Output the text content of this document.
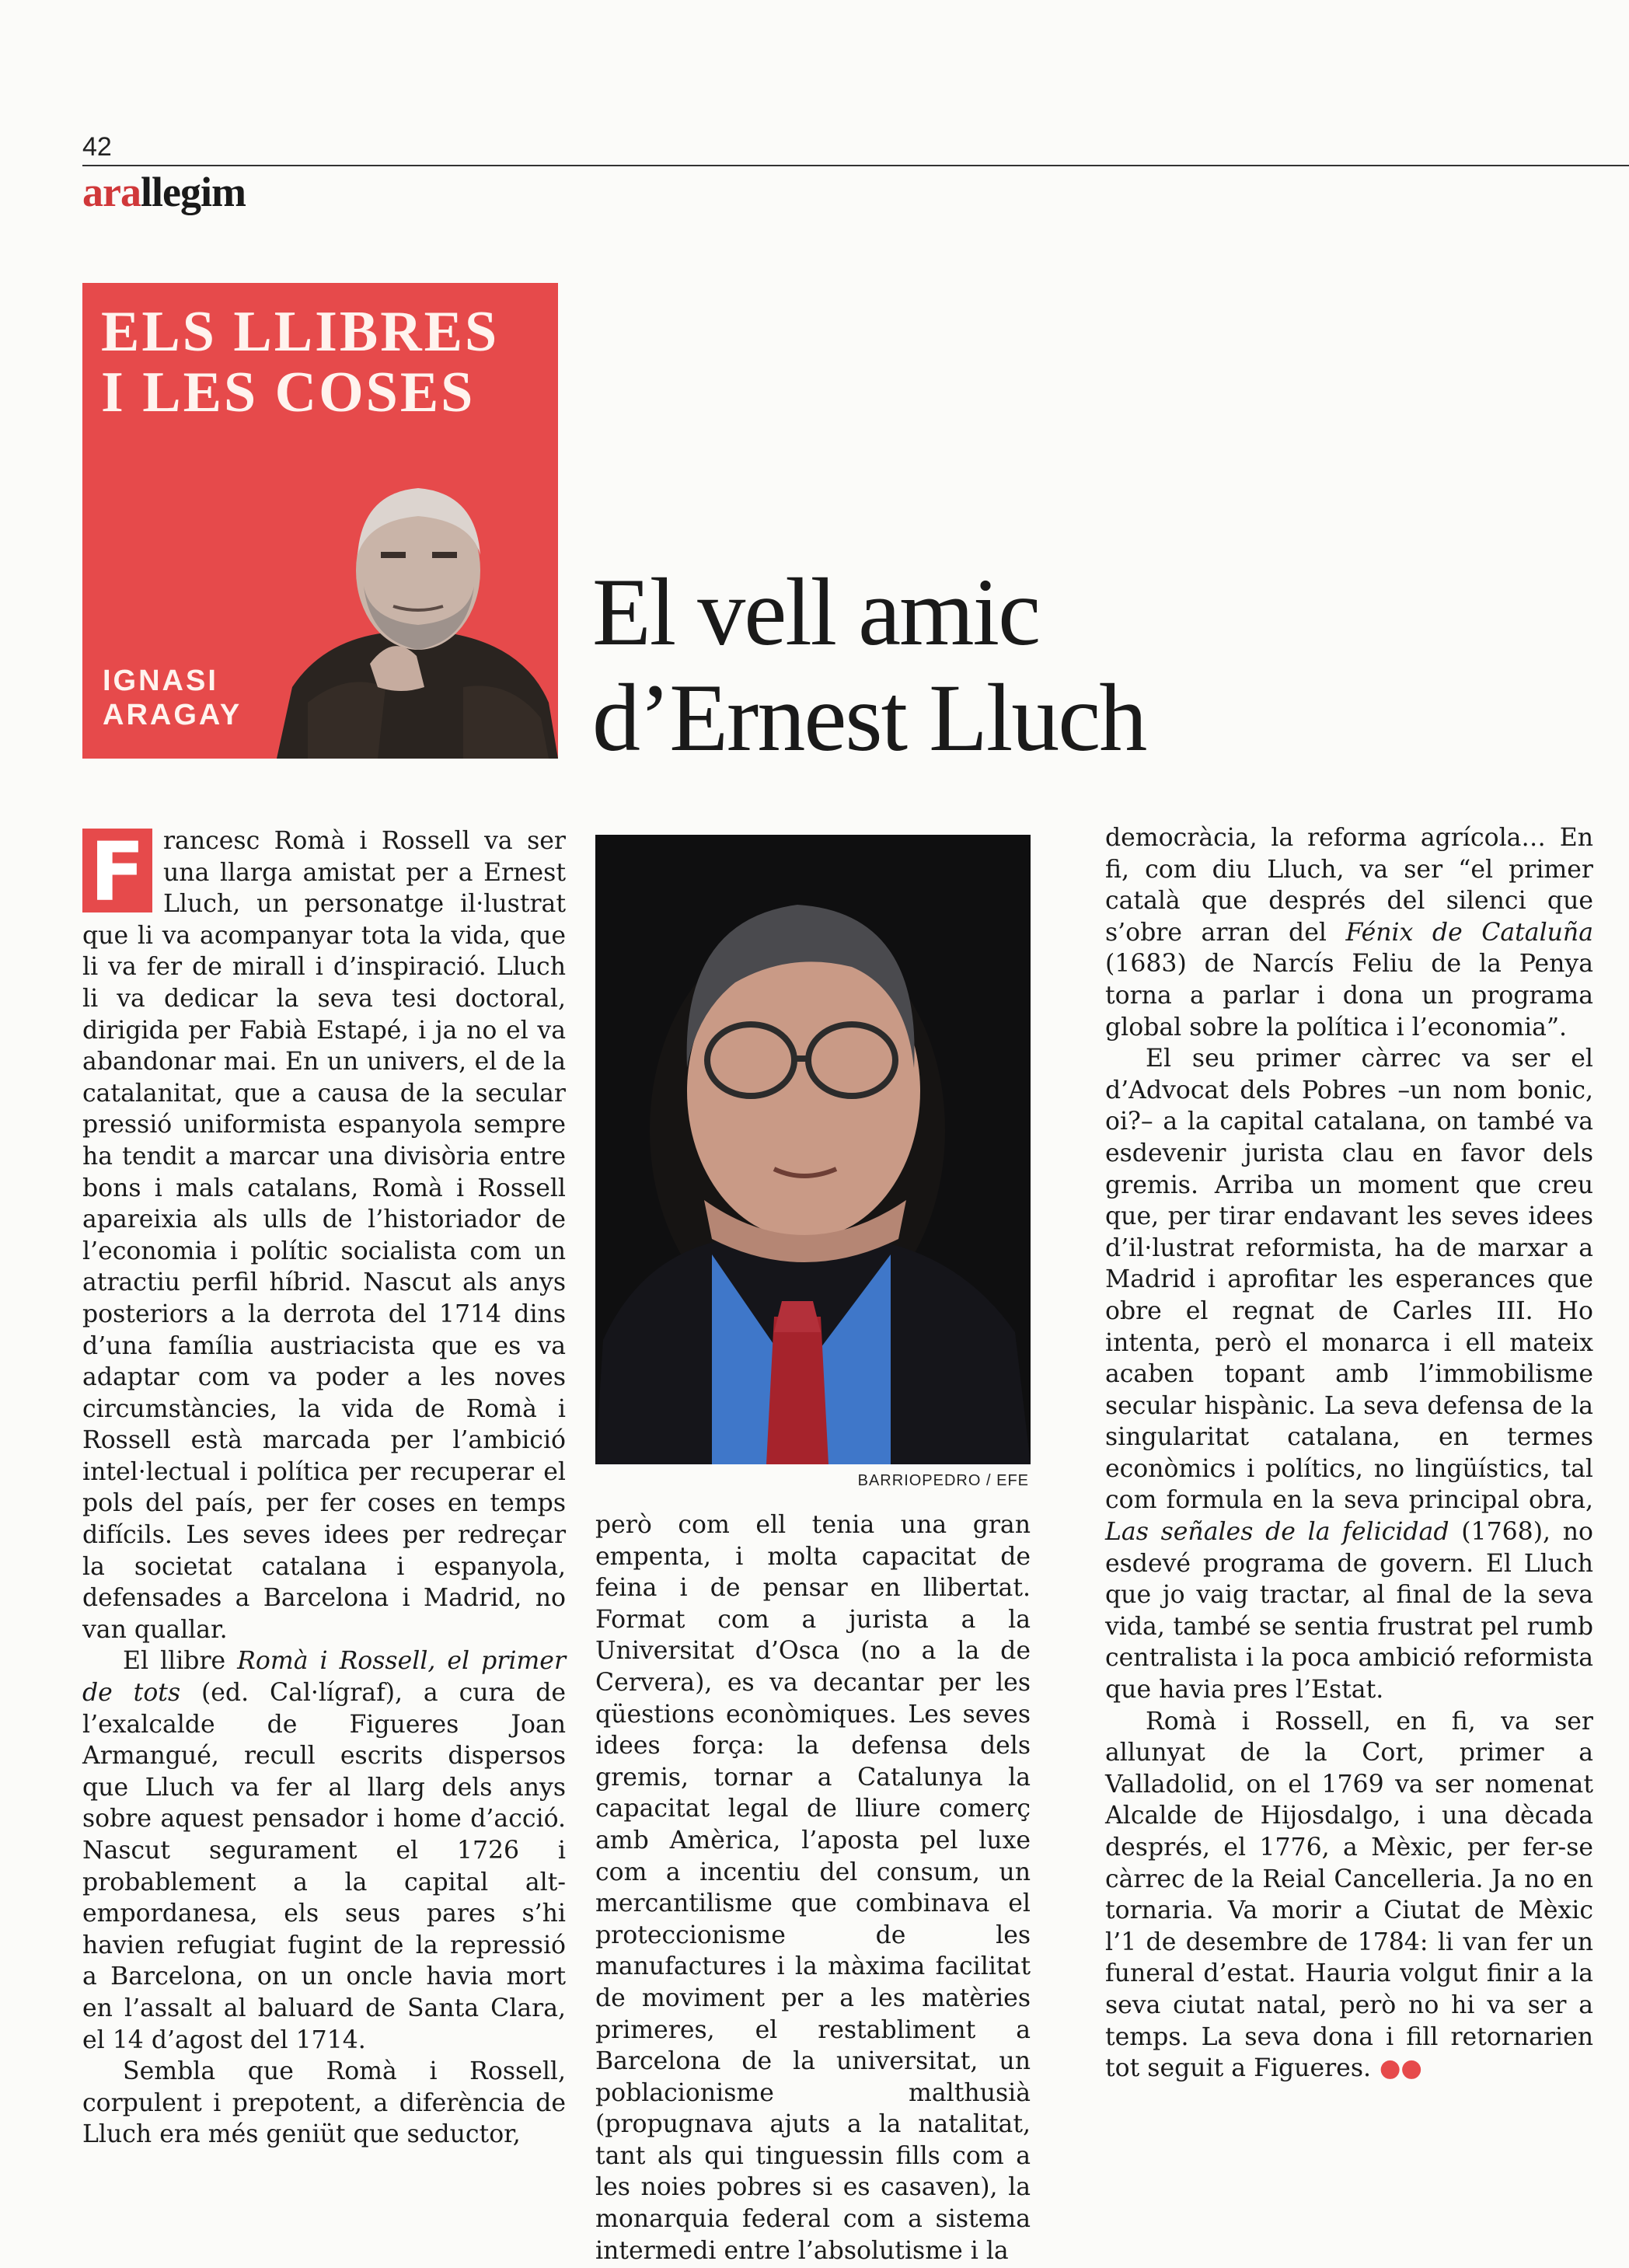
42
arallegim
ELS LLIBRES
I LES COSES
IGNASI
ARAGAY
El vell amic
d’Ernest Lluch
BARRIOPEDRO / EFE

F rancesc Romà i Rossell va ser una llarga amistat per a Ernest Lluch, un personatge il·lustrat que li va acompanyar tota la vida, que li va fer de mirall i d’inspiració. Lluch li va dedicar la seva tesi doctoral, dirigida per Fabià Estapé, i ja no el va abandonar mai. En un univers, el de la catalanitat, que a causa de la secular pressió uniformista espanyola sempre ha tendit a marcar una divisòria entre bons i mals catalans, Romà i Rossell apareixia als ulls de l’historiador de l’economia i polític socialista com un atractiu perfil híbrid. Nascut als anys posteriors a la derrota del 1714 dins d’una família austriacista que es va adaptar com va poder a les noves circumstàncies, la vida de Romà i Rossell està marcada per l’ambició intel·lectual i política per recuperar el pols del país, per fer coses en temps difícils. Les seves idees per redreçar la societat catalana i espanyola, defensades a Barcelona i Madrid, no van quallar.

El llibre Romà i Rossell, el primer de tots (ed. Cal·lígraf), a cura de l’exalcalde de Figueres Joan Armangué, recull escrits dispersos que Lluch va fer al llarg dels anys sobre aquest pensador i home d’acció. Nascut segurament el 1726 i probablement a la capital alt-empordanesa, els seus pares s’hi havien refugiat fugint de la repressió a Barcelona, on un oncle havia mort en l’assalt al baluard de Santa Clara, el 14 d’agost del 1714.

Sembla que Romà i Rossell, corpulent i prepotent, a diferència de Lluch era més geniüt que seductor,

però com ell tenia una gran empenta, i molta capacitat de feina i de pensar en llibertat. Format com a jurista a la Universitat d’Osca (no a la de Cervera), es va decantar per les qüestions econòmiques. Les seves idees força: la defensa dels gremis, tornar a Catalunya la capacitat legal de lliure comerç amb Amèrica, l’aposta pel luxe com a incentiu del consum, un mercantilisme que combinava el proteccionisme de les manufactures i la màxima facilitat de moviment per a les matèries primeres, el restabliment a Barcelona de la universitat, un poblacionisme malthusià (propugnava ajuts a la natalitat, tant als qui tinguessin fills com a les noies pobres si es casaven), la monarquia federal com a sistema intermedi entre l’absolutisme i la

democràcia, la reforma agrícola… En fi, com diu Lluch, va ser “el primer català que després del silenci que s’obre arran del Fénix de Cataluña (1683) de Narcís Feliu de la Penya torna a parlar i dona un programa global sobre la política i l’economia”.

El seu primer càrrec va ser el d’Advocat dels Pobres –un nom bonic, oi?– a la capital catalana, on també va esdevenir jurista clau en favor dels gremis. Arriba un moment que creu que, per tirar endavant les seves idees d’il·lustrat reformista, ha de marxar a Madrid i aprofitar les esperances que obre el regnat de Carles III. Ho intenta, però el monarca i ell mateix acaben topant amb l’immobilisme secular hispànic. La seva defensa de la singularitat catalana, en termes econòmics i polítics, no lingüístics, tal com formula en la seva principal obra, Las señales de la felicidad (1768), no esdevé programa de govern. El Lluch que jo vaig tractar, al final de la seva vida, també se sentia frustrat pel rumb centralista i la poca ambició reformista que havia pres l’Estat.

Romà i Rossell, en fi, va ser allunyat de la Cort, primer a Valladolid, on el 1769 va ser nomenat Alcalde de Hijosdalgo, i una dècada després, el 1776, a Mèxic, per fer-se càrrec de la Reial Cancelleria. Ja no en tornaria. Va morir a Ciutat de Mèxic l’1 de desembre de 1784: li van fer un funeral d’estat. Hauria volgut finir a la seva ciutat natal, però no hi va ser a temps. La seva dona i fill retornarien tot seguit a Figueres. ●●
